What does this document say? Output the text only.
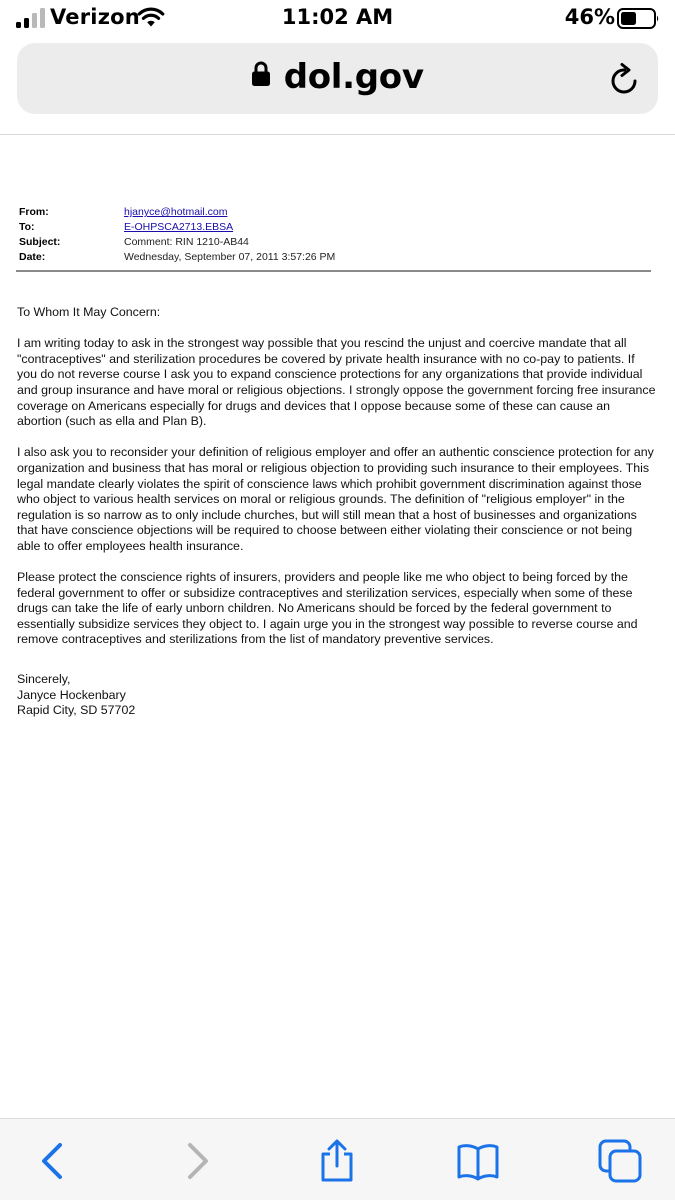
Verizon	11:02 AM	46%
dol.gov
From:	hjanyce@hotmail.com
To:	E-OHPSCA2713.EBSA
Subject:	Comment: RIN 1210-AB44
Date:	Wednesday, September 07, 2011 3:57:26 PM

To Whom It May Concern:

I am writing today to ask in the strongest way possible that you rescind the unjust and coercive mandate that all "contraceptives" and sterilization procedures be covered by private health insurance with no co-pay to patients. If you do not reverse course I ask you to expand conscience protections for any organizations that provide individual and group insurance and have moral or religious objections. I strongly oppose the government forcing free insurance coverage on Americans especially for drugs and devices that I oppose because some of these can cause an abortion (such as ella and Plan B).

I also ask you to reconsider your definition of religious employer and offer an authentic conscience protection for any organization and business that has moral or religious objection to providing such insurance to their employees. This legal mandate clearly violates the spirit of conscience laws which prohibit government discrimination against those who object to various health services on moral or religious grounds. The definition of "religious employer" in the regulation is so narrow as to only include churches, but will still mean that a host of businesses and organizations that have conscience objections will be required to choose between either violating their conscience or not being able to offer employees health insurance.

Please protect the conscience rights of insurers, providers and people like me who object to being forced by the federal government to offer or subsidize contraceptives and sterilization services, especially when some of these drugs can take the life of early unborn children. No Americans should be forced by the federal government to essentially subsidize services they object to. I again urge you in the strongest way possible to reverse course and remove contraceptives and sterilizations from the list of mandatory preventive services.

Sincerely,
Janyce Hockenbary
Rapid City, SD 57702
